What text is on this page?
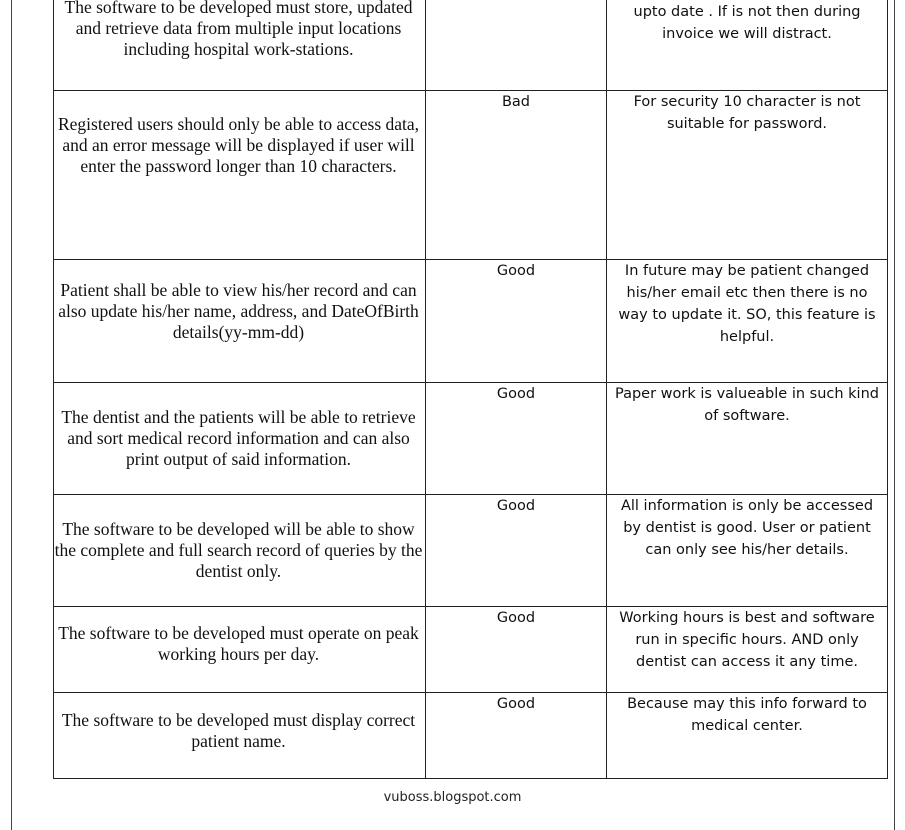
The software to be developed must store, updated and retrieve data from multiple input locations including hospital work-stations.		upto date . If is not then during invoice we will distract.

Registered users should only be able to access data, and an error message will be displayed if user will enter the password longer than 10 characters.	Bad	For security 10 character is not suitable for password.

Patient shall be able to view his/her record and can also update his/her name, address, and DateOfBirth details(yy-mm-dd)	Good	In future may be patient changed his/her email etc then there is no way to update it. SO, this feature is helpful.

The dentist and the patients will be able to retrieve and sort medical record information and can also print output of said information.	Good	Paper work is valueable in such kind of software.

The software to be developed will be able to show the complete and full search record of queries by the dentist only.	Good	All information is only be accessed by dentist is good. User or patient can only see his/her details.

The software to be developed must operate on peak working hours per day.	Good	Working hours is best and software run in specific hours. AND only dentist can access it any time.

The software to be developed must display correct patient name.	Good	Because may this info forward to medical center.
vuboss.blogspot.com
